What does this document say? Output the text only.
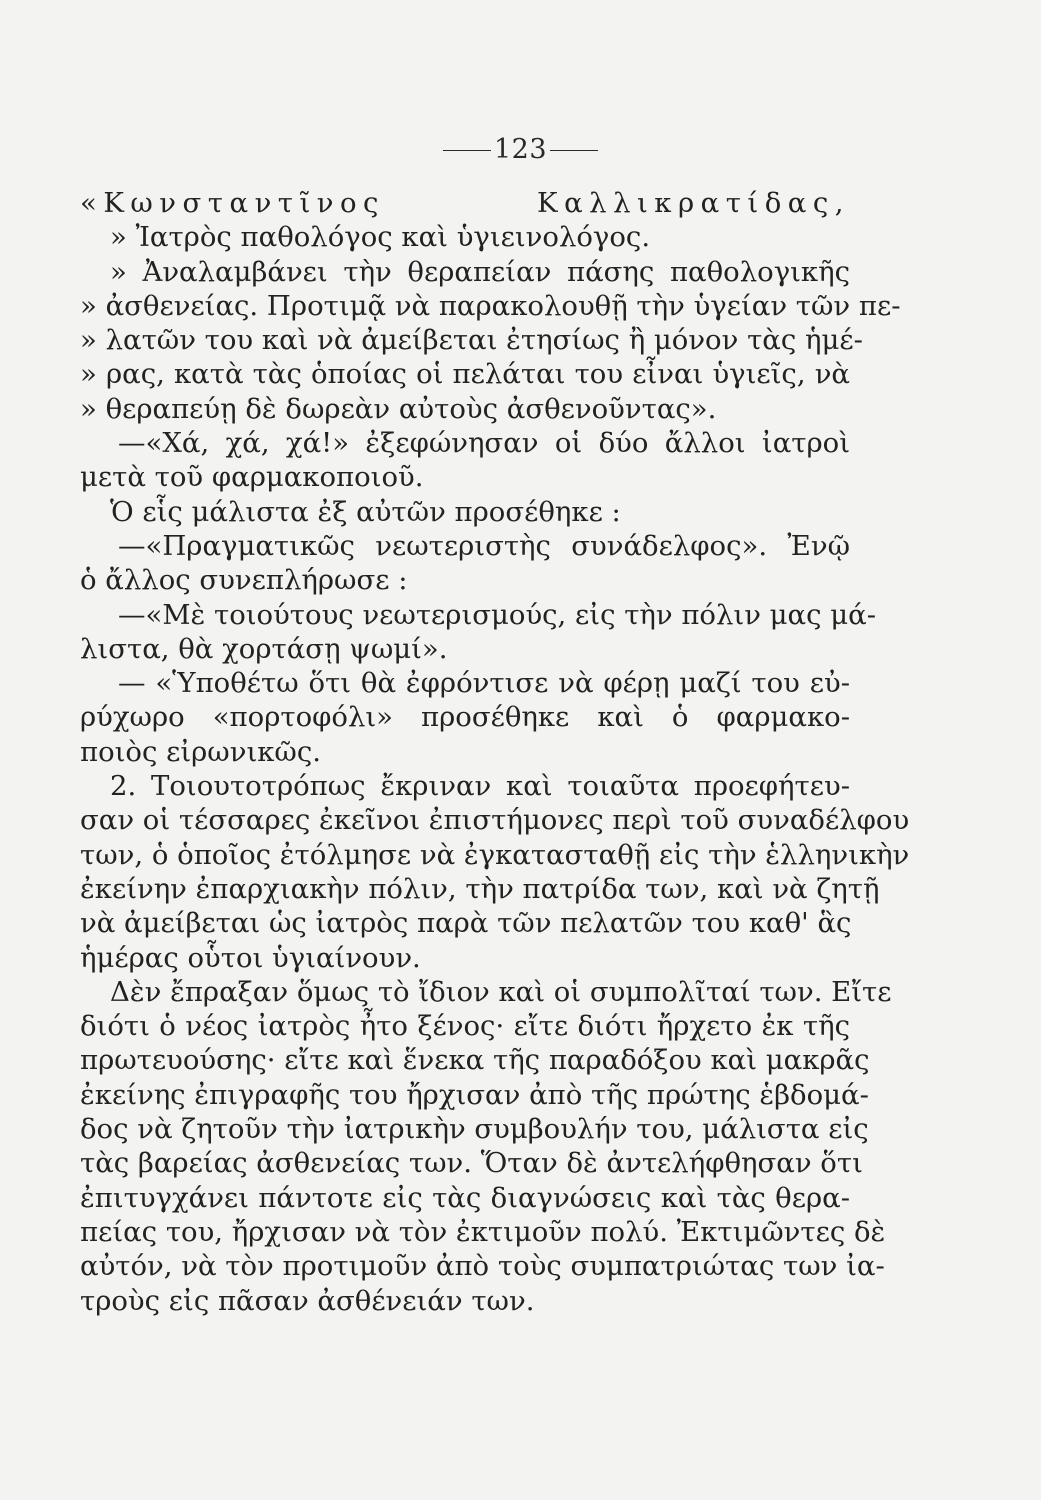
123
«Κωνσταντῖνος Καλλικρατίδας,
» Ἰατρὸς παθολόγος καὶ ὑγιεινολόγος.
» Ἀναλαμβάνει τὴν θεραπείαν πάσης παθολογικῆς
» ἀσθενείας. Προτιμᾷ νὰ παρακολουθῇ τὴν ὑγείαν τῶν πε-
» λατῶν του καὶ νὰ ἀμείβεται ἐτησίως ἢ μόνον τὰς ἡμέ-
» ρας, κατὰ τὰς ὁποίας οἱ πελάται του εἶναι ὑγιεῖς, νὰ
» θεραπεύῃ δὲ δωρεὰν αὐτοὺς ἀσθενοῦντας».
—«Χά, χά, χά!» ἐξεφώνησαν οἱ δύο ἄλλοι ἰατροὶ
μετὰ τοῦ φαρμακοποιοῦ.
Ὁ εἷς μάλιστα ἐξ αὐτῶν προσέθηκε :
—«Πραγματικῶς νεωτεριστὴς συνάδελφος». Ἐνῷ
ὁ ἄλλος συνεπλήρωσε :
—«Μὲ τοιούτους νεωτερισμούς, εἰς τὴν πόλιν μας μά-
λιστα, θὰ χορτάσῃ ψωμί».
— «Ὑποθέτω ὅτι θὰ ἐφρόντισε νὰ φέρῃ μαζί του εὐ-
ρύχωρο «πορτοφόλι» προσέθηκε καὶ ὁ φαρμακο-
ποιὸς εἰρωνικῶς.
2. Τοιουτοτρόπως ἔκριναν καὶ τοιαῦτα προεφήτευ-
σαν οἱ τέσσαρες ἐκεῖνοι ἐπιστήμονες περὶ τοῦ συναδέλφου
των, ὁ ὁποῖος ἐτόλμησε νὰ ἐγκατασταθῇ εἰς τὴν ἑλληνικὴν
ἐκείνην ἐπαρχιακὴν πόλιν, τὴν πατρίδα των, καὶ νὰ ζητῇ
νὰ ἀμείβεται ὡς ἰατρὸς παρὰ τῶν πελατῶν του καθ' ἃς
ἡμέρας οὗτοι ὑγιαίνουν.
Δὲν ἔπραξαν ὅμως τὸ ἴδιον καὶ οἱ συμπολῖταί των. Εἴτε
διότι ὁ νέος ἰατρὸς ἦτο ξένος· εἴτε διότι ἤρχετο ἐκ τῆς
πρωτευούσης· εἴτε καὶ ἕνεκα τῆς παραδόξου καὶ μακρᾶς
ἐκείνης ἐπιγραφῆς του ἤρχισαν ἀπὸ τῆς πρώτης ἑβδομά-
δος νὰ ζητοῦν τὴν ἰατρικὴν συμβουλήν του, μάλιστα εἰς
τὰς βαρείας ἀσθενείας των. Ὅταν δὲ ἀντελήφθησαν ὅτι
ἐπιτυγχάνει πάντοτε εἰς τὰς διαγνώσεις καὶ τὰς θερα-
πείας του, ἤρχισαν νὰ τὸν ἐκτιμοῦν πολύ. Ἐκτιμῶντες δὲ
αὐτόν, νὰ τὸν προτιμοῦν ἀπὸ τοὺς συμπατριώτας των ἰα-
τροὺς εἰς πᾶσαν ἀσθένειάν των.
